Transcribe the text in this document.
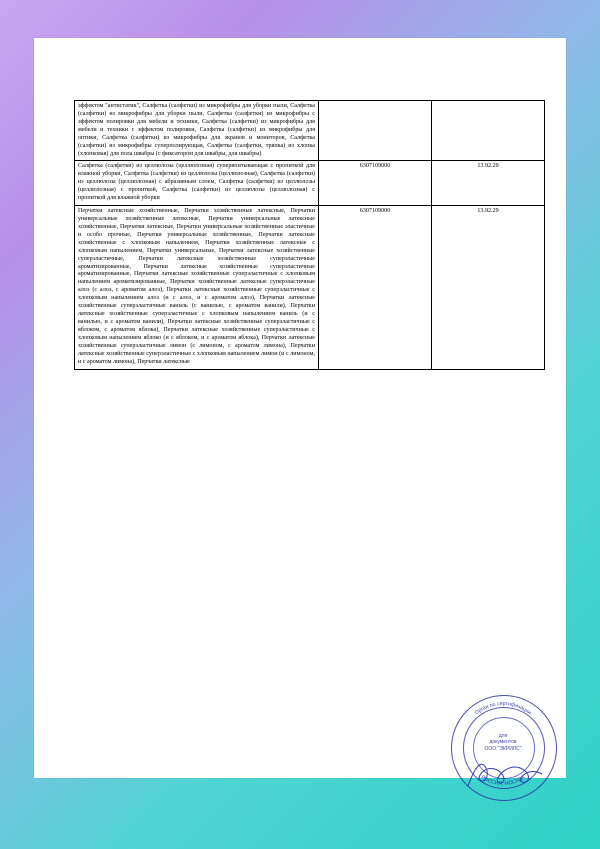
эффектом "антистатик", Салфетка (салфетки) из микрофибры для уборки пыли, Салфетка (салфетки) из микрофибры для уборки пыли, Салфетка (салфетки) из микрофибры с эффектом полировки для мебели и техники, Салфетка (салфетки) из микрофибры для мебели и техники с эффектом полировки, Салфетка (салфетки) из микрофибры для оптики, Салфетка (салфетки) из микрофибры для экранов и мониторов, Салфетка (салфетки) из микрофибры суперполирующая, Салфетка (салфетки, тряпка) из хлопка (хлопковая) для пола швабры (с фиксатором для швабры, для швабры)		

Салфетка (салфетки) из целлюлозы (целлюлозная) супервпитывающая с пропиткой для влажной уборки, Салфетка (салфетки) из целлюлозы (целлюлозная), Салфетка (салфетки) из целлюлозы (целлюлозная) с абразивным слоем, Салфетка (салфетки) из целлюлозы (целлюлозная) с пропиткой, Салфетка (салфетки) из целлюлозы (целлюлозная) с пропиткой для влажной уборки	6307109000	13.92.29

Перчатки латексные хозяйственные, Перчатки хозяйственные латексные, Перчатки универсальные хозяйственные латексные, Перчатки универсальные латексные хозяйственные, Перчатки латексные, Перчатки универсальные хозяйственные эластичные и особо прочные, Перчатки универсальные хозяйственные, Перчатки латексные хозяйственные с хлопковым напылением, Перчатки хозяйственные латексные с хлопковым напылением, Перчатки универсальные, Перчатки латексные хозяйственные суперэластичные, Перчатки латексные хозяйственные суперэластичные ароматизированные, Перчатки латексные хозяйственные суперэластичные ароматизированные, Перчатки латексные хозяйственные суперэластичные с хлопковым напылением ароматизированные, Перчатки хозяйственные латексные суперэластичные алоэ (с алоэ, с ароматом алоэ), Перчатки латексные хозяйственные суперэластичные с хлопковым напылением алоэ (и с алоэ, и с ароматом алоэ), Перчатки латексные хозяйственные суперэластичные ваниль (с ванилью, с ароматом ванили), Перчатки латексные хозяйственные суперэластичные с хлопковым напылением ваниль (и с ванилью, и с ароматом ванили), Перчатки латексные хозяйственные суперэластичные с яблоком, с ароматом яблока), Перчатки латексные хозяйственные суперэластичные с хлопковым напылением яблоко (и с яблоком, и с ароматом яблока), Перчатки латексные хозяйственные суперэластичные лимон (с лимоном, с ароматом лимона), Перчатки латексные хозяйственные суперэластичные с хлопковым напылением лимон (и с лимоном, и с ароматом лимона), Перчатки латексные	6307109000	13.92.29
Орган по сертификации
РОССИЯ, МОСКВА
для
документов
ООО "ЭКРИЛС"
